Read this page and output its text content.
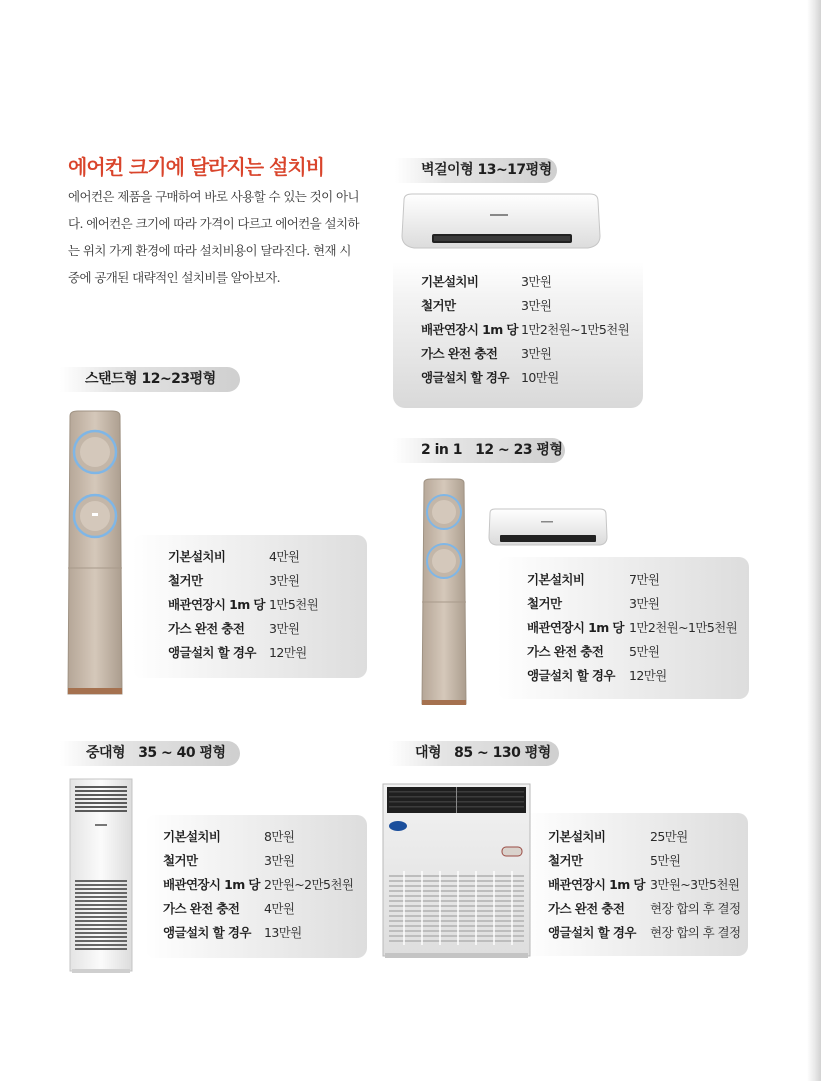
에어컨 크기에 달라지는 설치비

에어컨은 제품을 구매하여 바로 사용할 수 있는 것이 아니

다. 에어컨은 크기에 따라 가격이 다르고 에어컨을 설치하

는 위치 가게 환경에 따라 설치비용이 달라진다. 현재 시

중에 공개된 대략적인 설치비를 알아보자.

벽걸이형 13~17평형
기본설치비	3만원
철거만	3만원
배관연장시 1m 당 1만2천원~1만5천원
가스 완전 충전 3만원
앵글설치 할 경우 10만원
스탠드형 12~23평형
기본설치비	4만원
철거만	3만원
배관연장시 1m 당 1만5천원
가스 완전 충전 3만원
앵글설치 할 경우 12만원
2 in 1   12 ~ 23 평형
기본설치비	7만원
철거만	3만원
배관연장시 1m 당 1만2천원~1만5천원
가스 완전 충전 5만원
앵글설치 할 경우 12만원
중대형   35 ~ 40 평형
기본설치비	8만원
철거만	3만원
배관연장시 1m 당 2만원~2만5천원
가스 완전 충전 4만원
앵글설치 할 경우 13만원
대형   85 ~ 130 평형
기본설치비	25만원
철거만	5만원
배관연장시 1m 당 3만원~3만5천원
가스 완전 충전 현장 합의 후 결정
앵글설치 할 경우 현장 합의 후 결정
